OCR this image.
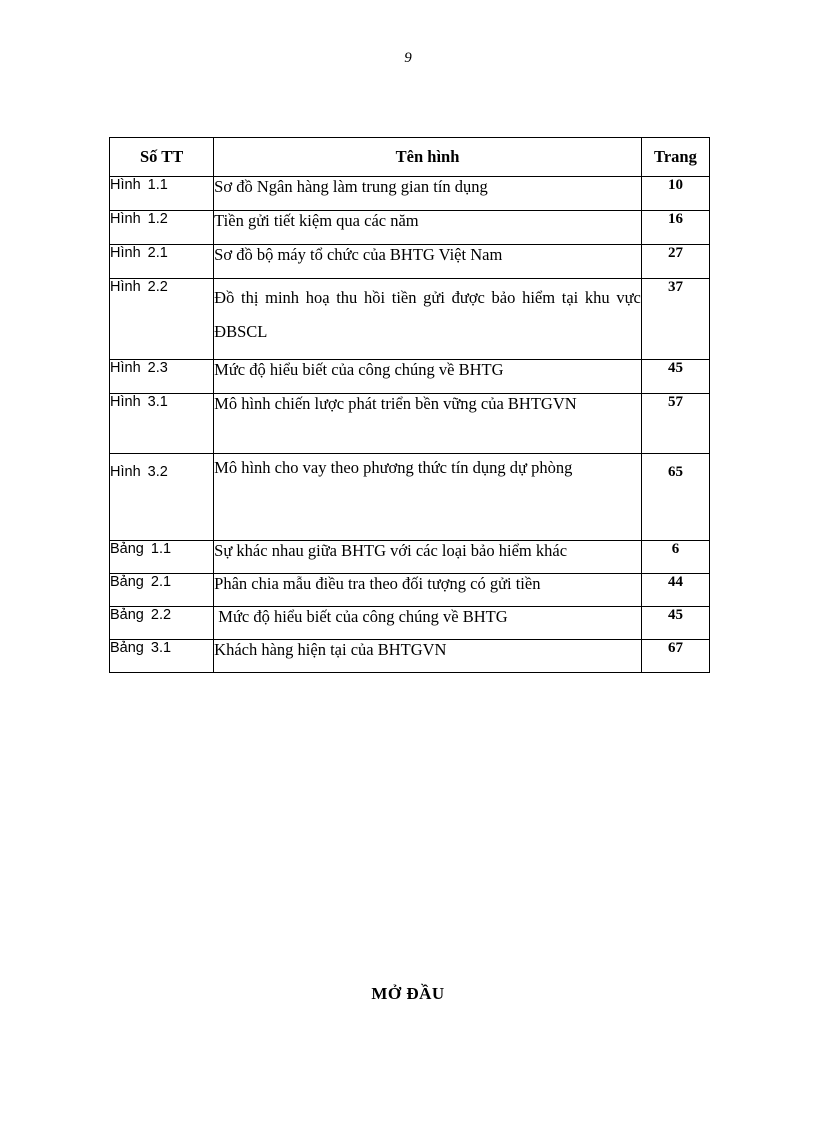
9
Số TT	Tên hình	Trang
Hình 1.1	Sơ đồ Ngân hàng làm trung gian tín dụng	10
Hình 1.2	Tiền gửi tiết kiệm qua các năm	16
Hình 2.1	Sơ đồ bộ máy tổ chức của BHTG Việt Nam	27
Hình 2.2	Đồ thị minh hoạ thu hồi tiền gửi được bảo hiểm tại khu vực ĐBSCL	37
Hình 2.3	Mức độ hiểu biết của công chúng về BHTG	45
Hình 3.1	Mô hình chiến lược phát triển bền vững của BHTGVN	57
Hình 3.2	Mô hình cho vay theo phương thức tín dụng dự phòng	65
Bảng 1.1	Sự khác nhau giữa BHTG với các loại bảo hiểm khác	6
Bảng 2.1	Phân chia mẫu điều tra theo đối tượng có gửi tiền	44
Bảng 2.2	Mức độ hiểu biết của công chúng về BHTG	45
Bảng 3.1	Khách hàng hiện tại của BHTGVN	67
MỞ ĐẦU
